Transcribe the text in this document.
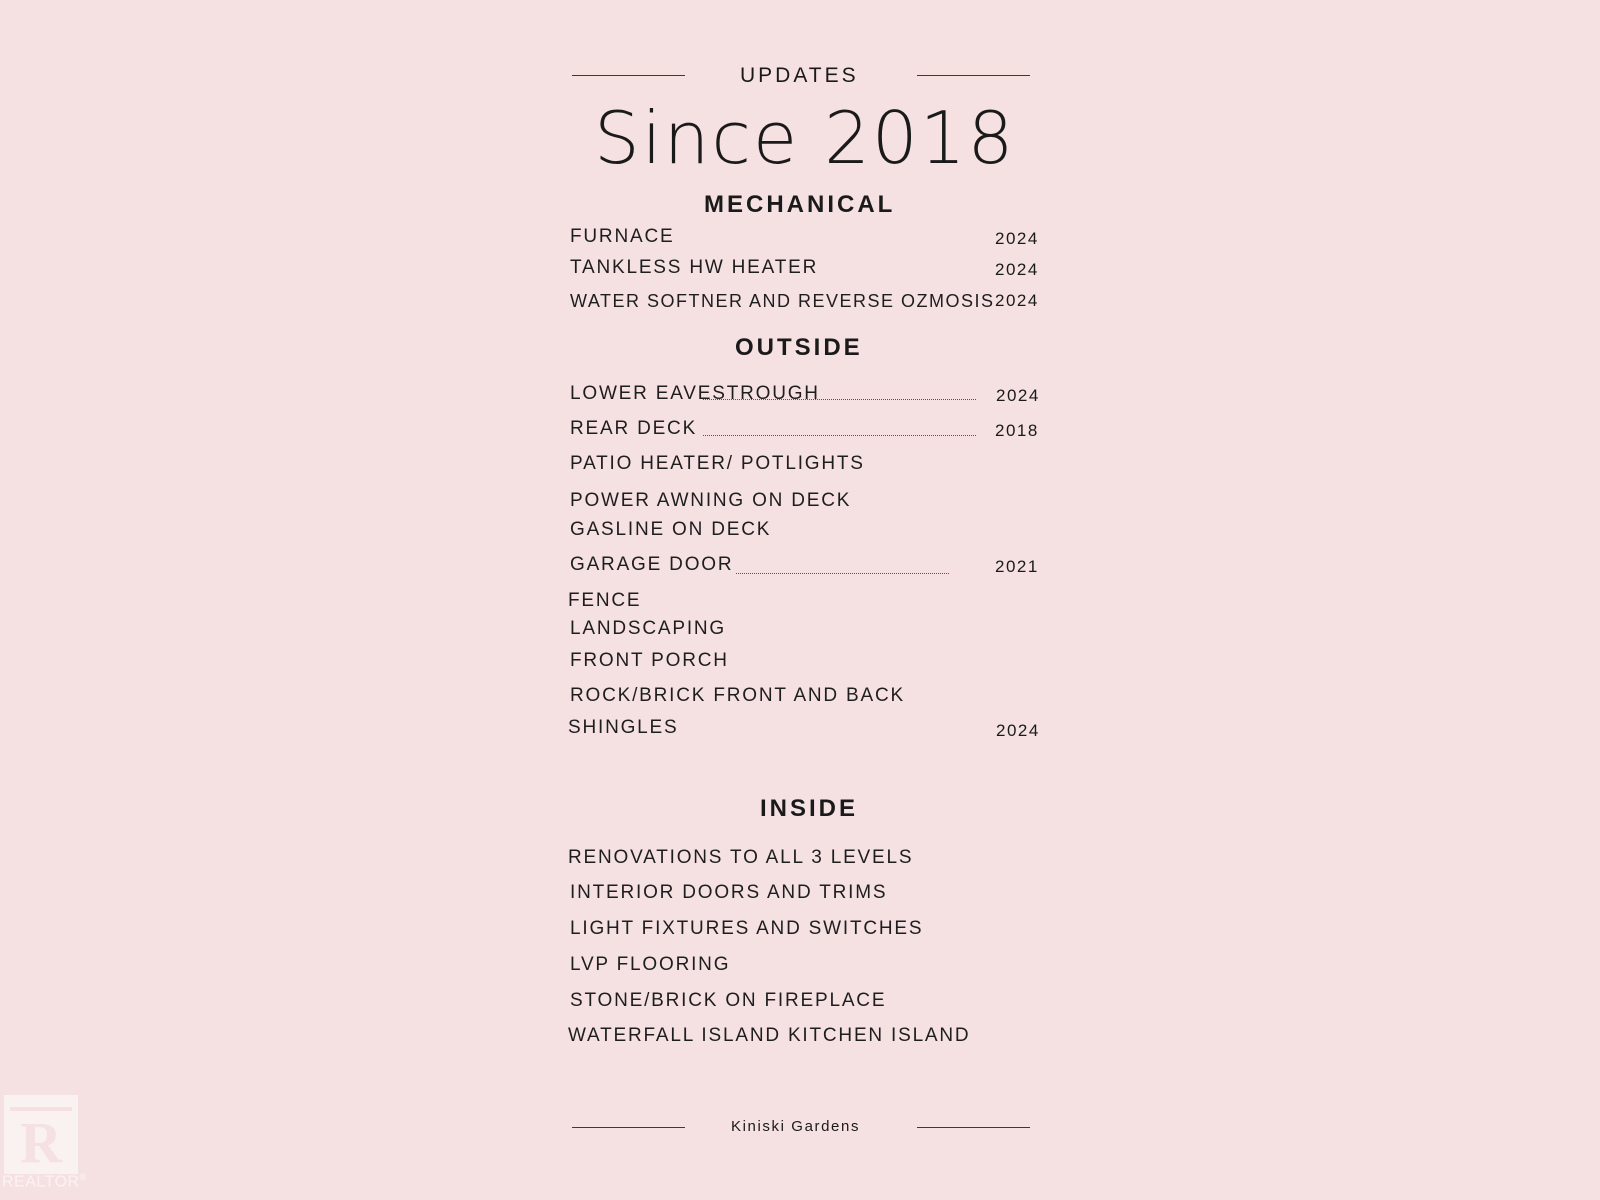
UPDATES
Since 2018
MECHANICAL
FURNACE	2024
TANKLESS HW HEATER	2024
WATER SOFTNER AND REVERSE OZMOSIS 2024
OUTSIDE
LOWER EAVESTROUGH	2024
REAR DECK	2018
PATIO HEATER/ POTLIGHTS
POWER AWNING ON DECK
GASLINE ON DECK
GARAGE DOOR	2021
FENCE
LANDSCAPING
FRONT PORCH
ROCK/BRICK FRONT AND BACK
SHINGLES	2024
INSIDE
RENOVATIONS TO ALL 3 LEVELS
INTERIOR DOORS AND TRIMS
LIGHT FIXTURES AND SWITCHES
LVP FLOORING
STONE/BRICK ON FIREPLACE
WATERFALL ISLAND KITCHEN ISLAND
Kiniski Gardens
R
REALTOR®
